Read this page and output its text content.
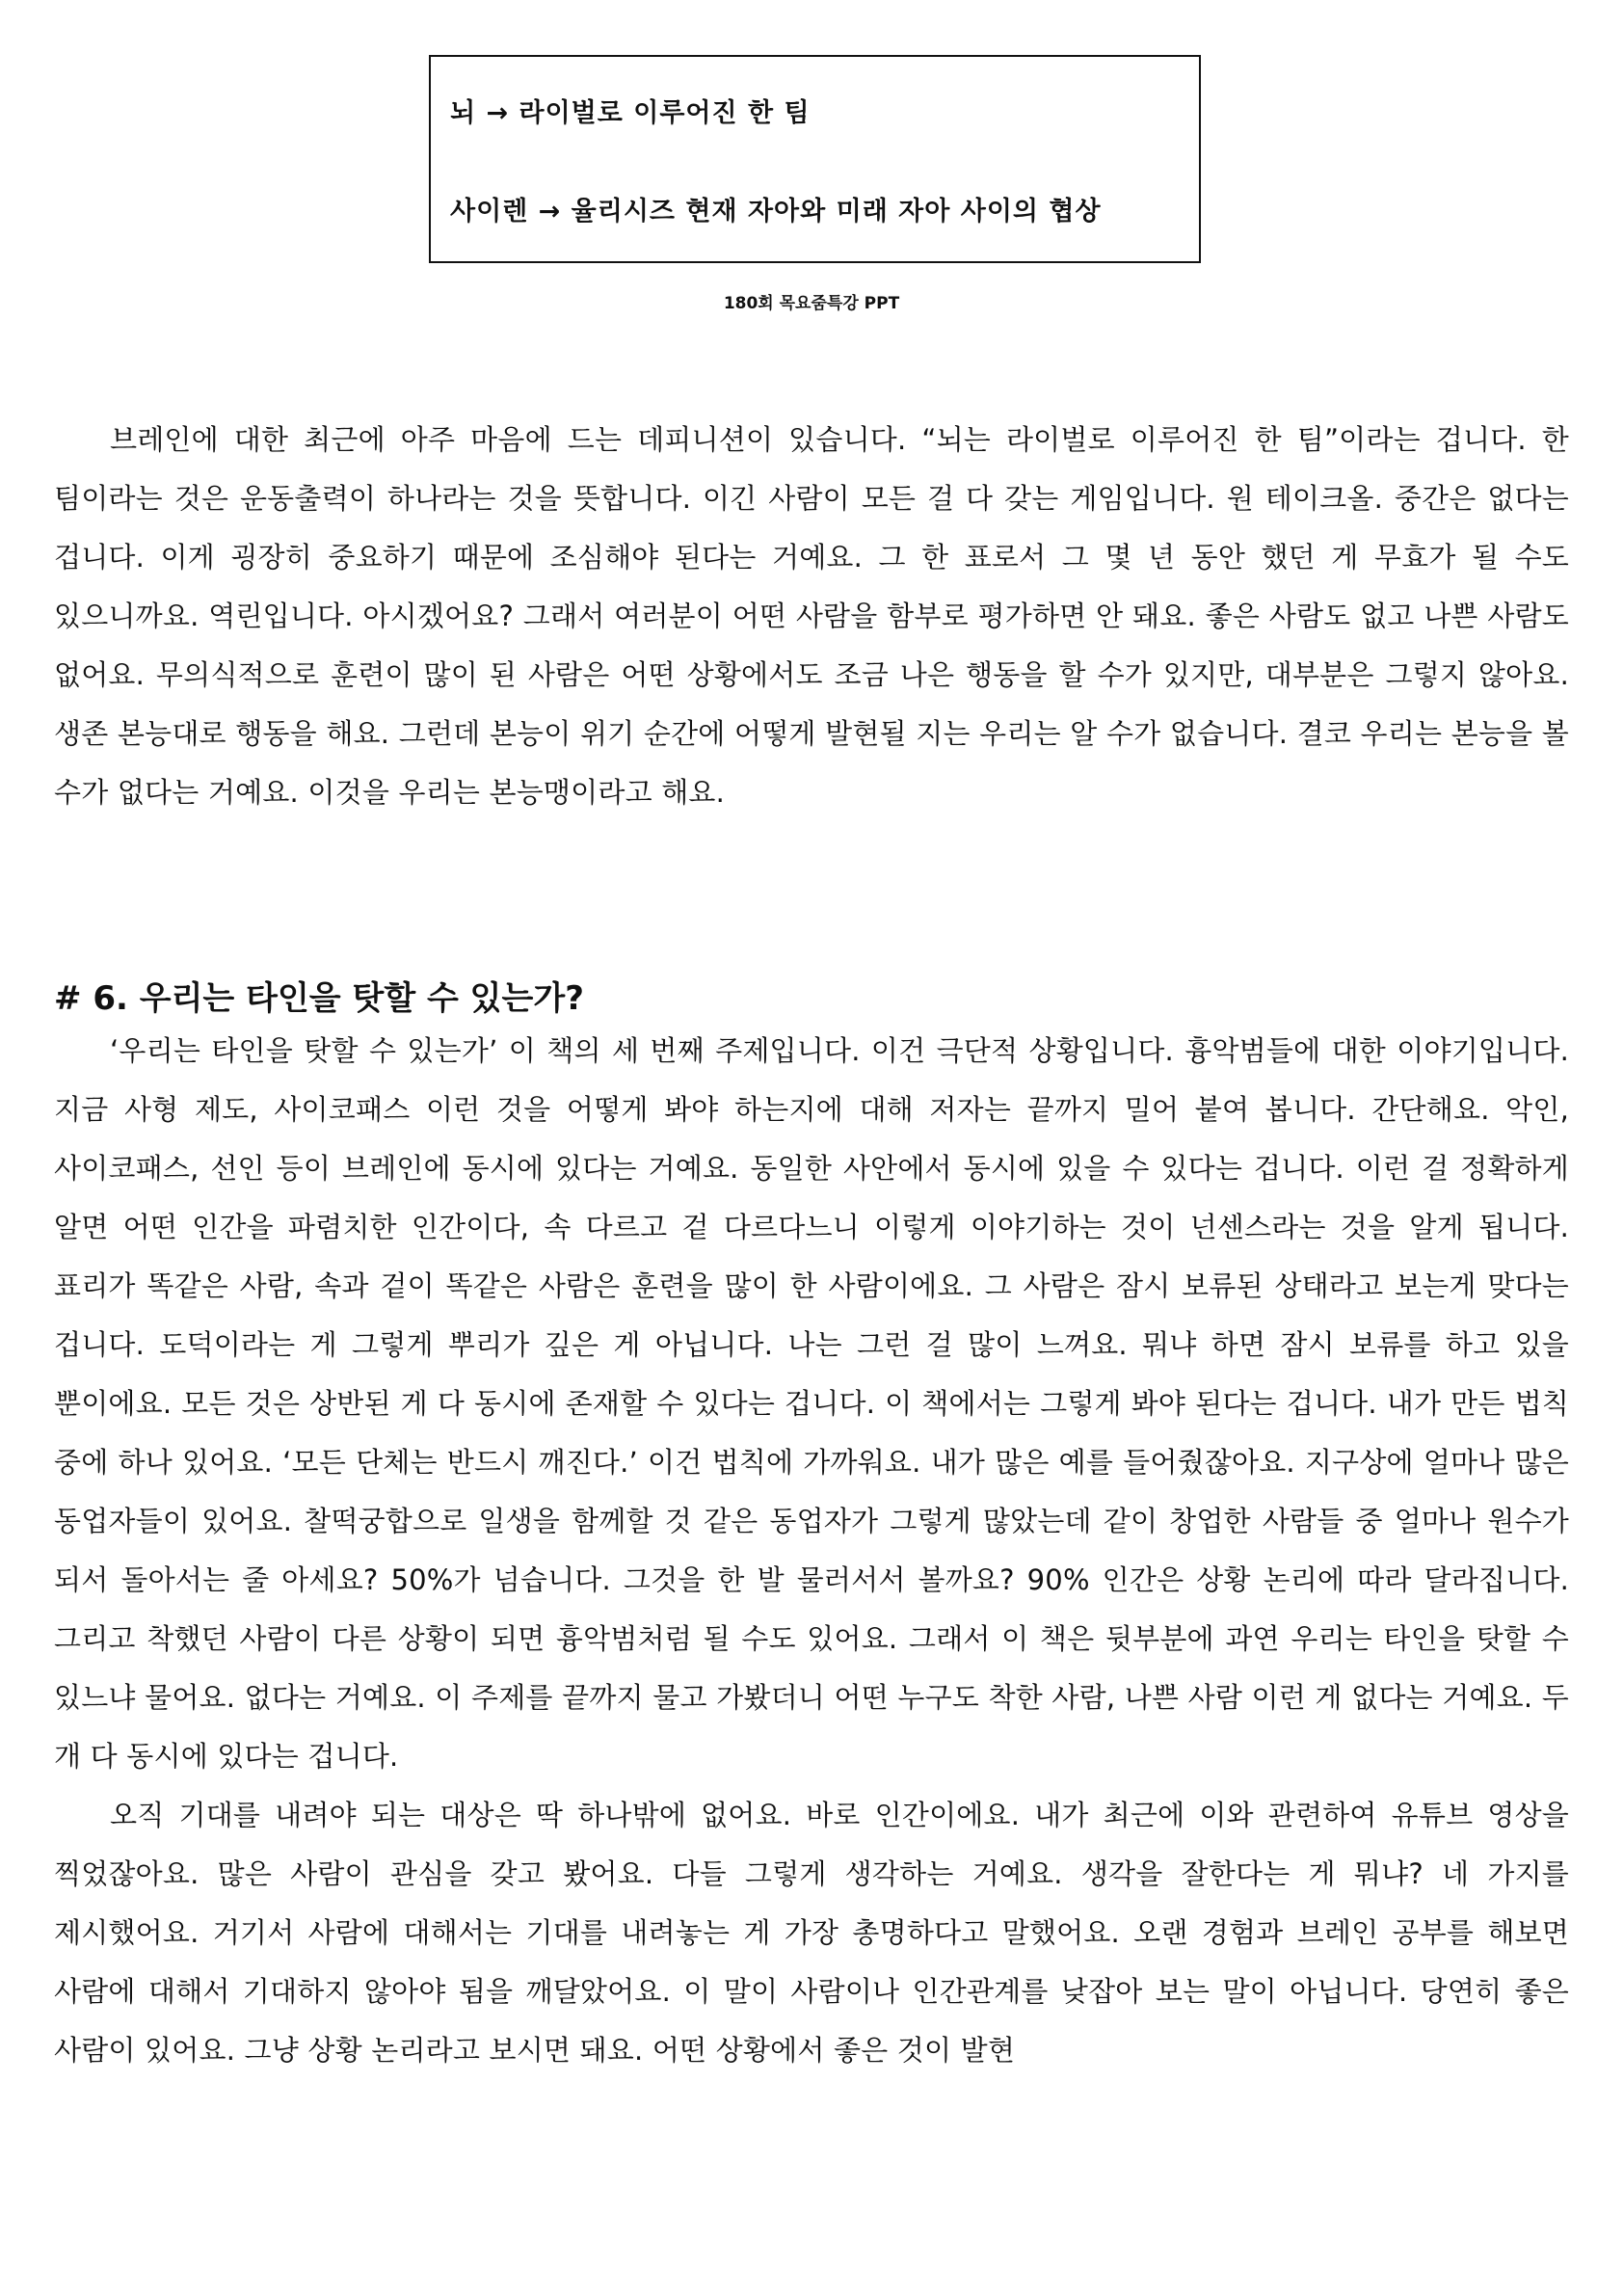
뇌 → 라이벌로 이루어진 한 팀
사이렌 → 율리시즈 현재 자아와 미래 자아 사이의 협상
180회 목요줌특강 PPT

브레인에 대한 최근에 아주 마음에 드는 데피니션이 있습니다. “뇌는 라이벌로 이루어진 한 팀”이라는 겁니다. 한 팀이라는 것은 운동출력이 하나라는 것을 뜻합니다. 이긴 사람이 모든 걸 다 갖는 게임입니다. 원 테이크올. 중간은 없다는 겁니다. 이게 굉장히 중요하기 때문에 조심해야 된다는 거예요. 그 한 표로서 그 몇 년 동안 했던 게 무효가 될 수도 있으니까요. 역린입니다. 아시겠어요? 그래서 여러분이 어떤 사람을 함부로 평가하면 안 돼요. 좋은 사람도 없고 나쁜 사람도 없어요. 무의식적으로 훈련이 많이 된 사람은 어떤 상황에서도 조금 나은 행동을 할 수가 있지만, 대부분은 그렇지 않아요. 생존 본능대로 행동을 해요. 그런데 본능이 위기 순간에 어떻게 발현될 지는 우리는 알 수가 없습니다. 결코 우리는 본능을 볼 수가 없다는 거예요. 이것을 우리는 본능맹이라고 해요.

# 6. 우리는 타인을 탓할 수 있는가?

‘우리는 타인을 탓할 수 있는가’ 이 책의 세 번째 주제입니다. 이건 극단적 상황입니다. 흉악범들에 대한 이야기입니다. 지금 사형 제도, 사이코패스 이런 것을 어떻게 봐야 하는지에 대해 저자는 끝까지 밀어 붙여 봅니다. 간단해요. 악인, 사이코패스, 선인 등이 브레인에 동시에 있다는 거예요. 동일한 사안에서 동시에 있을 수 있다는 겁니다. 이런 걸 정확하게 알면 어떤 인간을 파렴치한 인간이다, 속 다르고 겉 다르다느니 이렇게 이야기하는 것이 넌센스라는 것을 알게 됩니다. 표리가 똑같은 사람, 속과 겉이 똑같은 사람은 훈련을 많이 한 사람이에요. 그 사람은 잠시 보류된 상태라고 보는게 맞다는 겁니다. 도덕이라는 게 그렇게 뿌리가 깊은 게 아닙니다. 나는 그런 걸 많이 느껴요. 뭐냐 하면 잠시 보류를 하고 있을 뿐이에요. 모든 것은 상반된 게 다 동시에 존재할 수 있다는 겁니다. 이 책에서는 그렇게 봐야 된다는 겁니다. 내가 만든 법칙 중에 하나 있어요. ‘모든 단체는 반드시 깨진다.’ 이건 법칙에 가까워요. 내가 많은 예를 들어줬잖아요. 지구상에 얼마나 많은 동업자들이 있어요. 찰떡궁합으로 일생을 함께할 것 같은 동업자가 그렇게 많았는데 같이 창업한 사람들 중 얼마나 원수가 되서 돌아서는 줄 아세요? 50%가 넘습니다. 그것을 한 발 물러서서 볼까요? 90% 인간은 상황 논리에 따라 달라집니다. 그리고 착했던 사람이 다른 상황이 되면 흉악범처럼 될 수도 있어요. 그래서 이 책은 뒷부분에 과연 우리는 타인을 탓할 수 있느냐 물어요. 없다는 거예요. 이 주제를 끝까지 물고 가봤더니 어떤 누구도 착한 사람, 나쁜 사람 이런 게 없다는 거예요. 두 개 다 동시에 있다는 겁니다.

오직 기대를 내려야 되는 대상은 딱 하나밖에 없어요. 바로 인간이에요. 내가 최근에 이와 관련하여 유튜브 영상을 찍었잖아요. 많은 사람이 관심을 갖고 봤어요. 다들 그렇게 생각하는 거예요. 생각을 잘한다는 게 뭐냐? 네 가지를 제시했어요. 거기서 사람에 대해서는 기대를 내려놓는 게 가장 총명하다고 말했어요. 오랜 경험과 브레인 공부를 해보면 사람에 대해서 기대하지 않아야 됨을 깨달았어요. 이 말이 사람이나 인간관계를 낮잡아 보는 말이 아닙니다. 당연히 좋은 사람이 있어요. 그냥 상황 논리라고 보시면 돼요. 어떤 상황에서 좋은 것이 발현
